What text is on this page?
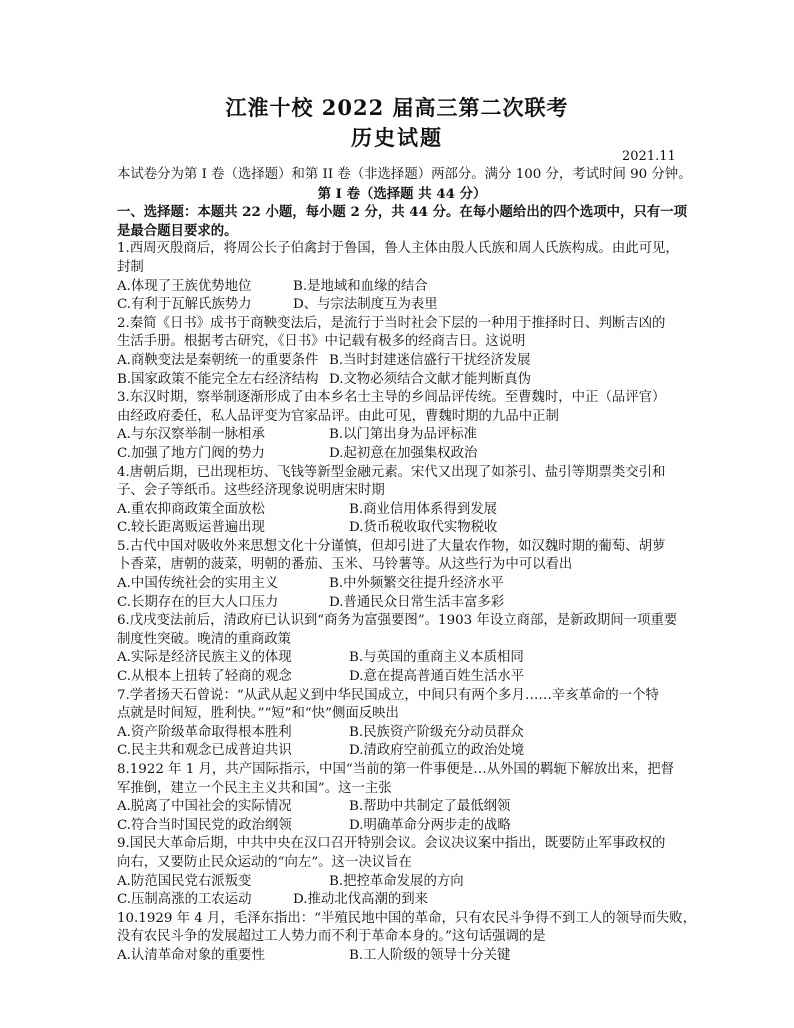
江淮十校 2022 届高三第二次联考
历史试题
2021.11
本试卷分为第 I 卷（选择题）和第 II 卷（非选择题）两部分。满分 100 分，考试时间 90 分钟。
第 I 卷（选择题 共 44 分）
一、选择题：本题共 22 小题，每小题 2 分，共 44 分。在每小题给出的四个选项中，只有一项
是最合题目要求的。
1.西周灭殷商后，将周公长子伯禽封于鲁国，鲁人主体由殷人氏族和周人氏族构成。由此可见，
封制
A.体现了王族优势地位	B.是地域和血缘的结合
C.有利于瓦解氏族势力	D、与宗法制度互为表里
2.秦简《日书》成书于商鞅变法后，是流行于当时社会下层的一种用于推择时日、判断吉凶的
生活手册。根据考古研究，《日书》中记载有极多的经商吉日。这说明
A.商鞅变法是秦朝统一的重要条件 B.当时封建迷信盛行干扰经济发展
B.国家政策不能完全左右经济结构 D.文物必须结合文献才能判断真伪
3.东汉时期，察举制逐渐形成了由本乡名士主导的乡闾品评传统。至曹魏时，中正（品评官）
由经政府委任，私人品评变为官家品评。由此可见，曹魏时期的九品中正制
A.与东汉察举制一脉相承	B.以门第出身为品评标准
C.加强了地方门阀的势力	D.起初意在加强集权政治
4.唐朝后期，已出现柜坊、飞钱等新型金融元素。宋代又出现了如茶引、盐引等期票类交引和
子、会子等纸币。这些经济现象说明唐宋时期
A.重农抑商政策全面放松	B.商业信用体系得到发展
C.较长距离贩运普遍出现	D.货币税收取代实物税收
5.古代中国对吸收外来思想文化十分谨慎，但却引进了大量农作物，如汉魏时期的葡萄、胡萝
卜香菜，唐朝的菠菜，明朝的番茄、玉米、马铃薯等。从这些行为中可以看出
A.中国传统社会的实用主义	B.中外频繁交往提升经济水平
C.长期存在的巨大人口压力	D.普通民众日常生活丰富多彩
6.戊戌变法前后，清政府已认识到“商务为富强要图”。1903 年设立商部，是新政期间一项重要
制度性突破。晚清的重商政策
A.实际是经济民族主义的体现	B.与英国的重商主义本质相同
C.从根本上扭转了轻商的观念	D.意在提高普通百姓生活水平
7.学者扬天石曾说：“从武从起义到中华民国成立，中间只有两个多月……辛亥革命的一个特
点就是时间短，胜利快。”“短”和“快”侧面反映出
A.资产阶级革命取得根本胜利	B.民族资产阶级充分动员群众
C.民主共和观念已成普迫共识	D.清政府空前孤立的政治处境
8.1922 年 1 月，共产国际指示，中国“当前的第一件事便是…从外国的羁轭下解放出来，把督
军推倒，建立一个民主主义共和国”。这一主张
A.脱离了中国社会的实际情况	B.帮助中共制定了最低纲领
C.符合当时国民党的政治纲领	D.明确革命分两步走的战略
9.国民大革命后期，中共中央在汉口召开特别会议。会议决议案中指出，既要防止军事政权的
向右，又要防止民众运动的“向左”。这一决议旨在
A.防范国民党右派叛变	B.把控革命发展的方向
C.压制高涨的工农运动	D.推动北伐高潮的到来
10.1929 年 4 月，毛泽东指出：“半殖民地中国的革命，只有农民斗争得不到工人的领导而失败，
没有农民斗争的发展超过工人势力而不利于革命本身的。”这句话强调的是
A.认清革命对象的重要性	B.工人阶级的领导十分关键
